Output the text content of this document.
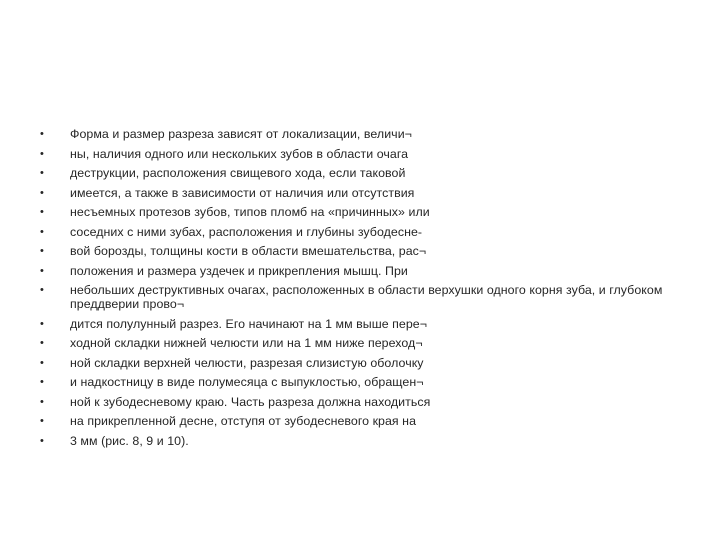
• Форма и размер разреза зависят от локализации, величи¬
• ны, наличия одного или нескольких зубов в области очага
• деструкции, расположения свищевого хода, если таковой
• имеется, а также в зависимости от наличия или отсутствия
• несъемных протезов зубов, типов пломб на «причинных» или
• соседних с ними зубах, расположения и глубины зубодесне-
• вой борозды, толщины кости в области вмешательства, рас¬
• положения и размера уздечек и прикрепления мышц. При
• небольших деструктивных очагах, расположенных в области верхушки одного корня зуба, и глубоком преддверии прово¬
• дится полулунный разрез. Его начинают на 1 мм выше пере¬
• ходной складки нижней челюсти или на 1 мм ниже переход¬
• ной складки верхней челюсти, разрезая слизистую оболочку
• и надкостницу в виде полумесяца с выпуклостью, обращен¬
• ной к зубодесневому краю. Часть разреза должна находиться
• на прикрепленной десне, отступя от зубодесневого края на
• 3 мм (рис. 8, 9 и 10).
